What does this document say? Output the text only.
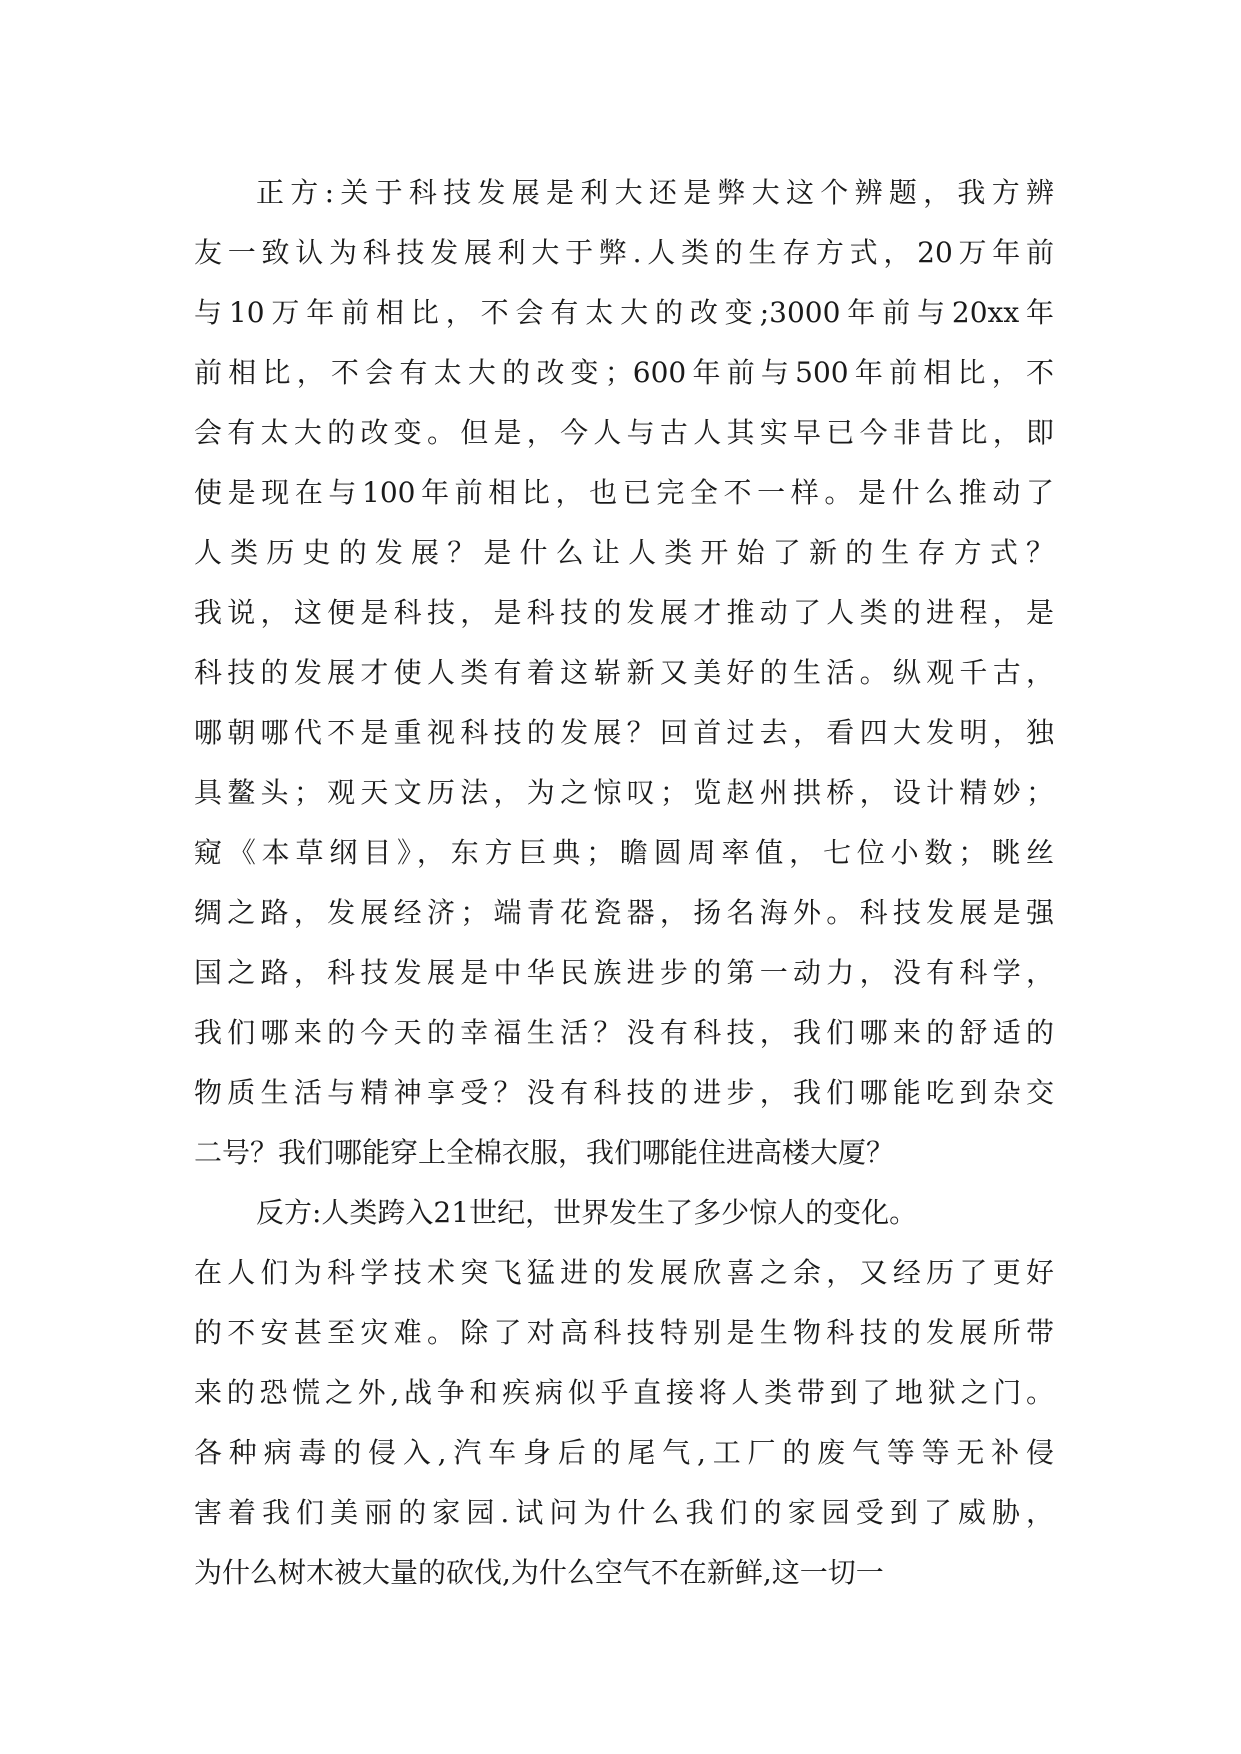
正方:关于科技发展是利大还是弊大这个辨题，我方辨
友一致认为科技发展利大于弊.人类的生存方式，20万年前
与10万年前相比，不会有太大的改变;3000年前与20xx年
前相比，不会有太大的改变；600年前与500年前相比，不
会有太大的改变。但是，今人与古人其实早已今非昔比，即
使是现在与100年前相比，也已完全不一样。是什么推动了
人类历史的发展？是什么让人类开始了新的生存方式？
我说，这便是科技，是科技的发展才推动了人类的进程，是
科技的发展才使人类有着这崭新又美好的生活。纵观千古，
哪朝哪代不是重视科技的发展？回首过去，看四大发明，独
具鳌头；观天文历法，为之惊叹；览赵州拱桥，设计精妙；
窥《本草纲目》，东方巨典；瞻圆周率值，七位小数；眺丝
绸之路，发展经济；端青花瓷器，扬名海外。科技发展是强
国之路，科技发展是中华民族进步的第一动力，没有科学，
我们哪来的今天的幸福生活？没有科技，我们哪来的舒适的
物质生活与精神享受？没有科技的进步，我们哪能吃到杂交
二号？我们哪能穿上全棉衣服，我们哪能住进高楼大厦？
反方:人类跨入21世纪，世界发生了多少惊人的变化。
在人们为科学技术突飞猛进的发展欣喜之余，又经历了更好
的不安甚至灾难。除了对高科技特别是生物科技的发展所带
来的恐慌之外,战争和疾病似乎直接将人类带到了地狱之门。
各种病毒的侵入,汽车身后的尾气,工厂的废气等等无补侵
害着我们美丽的家园.试问为什么我们的家园受到了威胁，
为什么树木被大量的砍伐,为什么空气不在新鲜,这一切一
